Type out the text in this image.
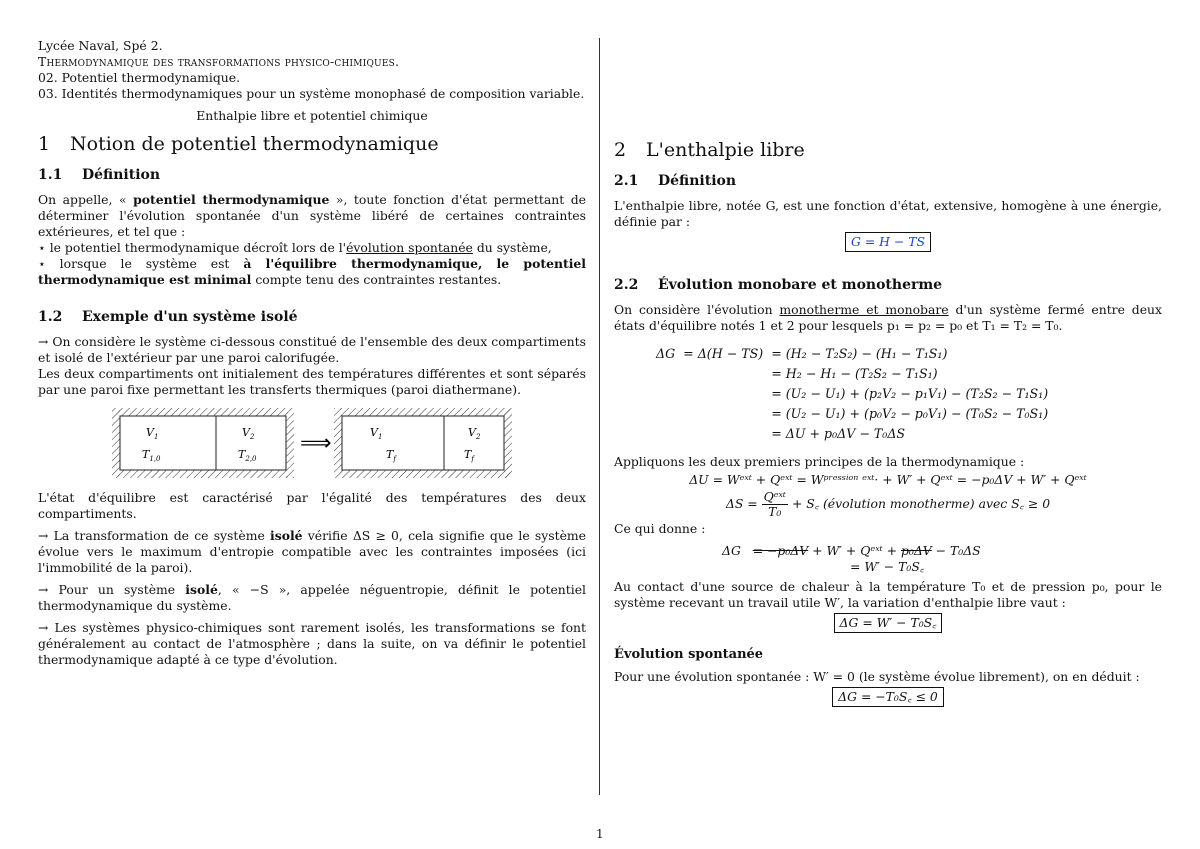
Lycée Naval, Spé 2.

Thermodynamique des transformations physico-chimiques.

02. Potentiel thermodynamique.

03. Identités thermodynamiques pour un système monophasé de composition variable.

Enthalpie libre et potentiel chimique

1 Notion de potentiel thermodynamique
1.1 Définition

On appelle, « potentiel thermodynamique », toute fonction d'état permettant de déterminer l'évolution spontanée d'un système libéré de certaines contraintes extérieures, et tel que :

⋆ le potentiel thermodynamique décroît lors de l'évolution spontanée du système,

⋆ lorsque le système est à l'équilibre thermodynamique, le potentiel thermodynamique est minimal compte tenu des contraintes restantes.

1.2 Exemple d'un système isolé

→ On considère le système ci-dessous constitué de l'ensemble des deux compartiments et isolé de l'extérieur par une paroi calorifugée.

Les deux compartiments ont initialement des températures différentes et sont séparés par une paroi fixe permettant les transferts thermiques (paroi diathermane).

$V_1$
$T_{1,0}$
$V_2$
$T_{2,0}$
⟹	$V_1$
$T_f$
$V_2$
$T_f$

L'état d'équilibre est caractérisé par l'égalité des températures des deux compartiments.

→ La transformation de ce système isolé vérifie ΔS ≥ 0, cela signifie que le système évolue vers le maximum d'entropie compatible avec les contraintes imposées (ici l'immobilité de la paroi).

→ Pour un système isolé, « −S », appelée néguentropie, définit le potentiel thermodynamique du système.

→ Les systèmes physico-chimiques sont rarement isolés, les transformations se font généralement au contact de l'atmosphère ; dans la suite, on va définir le potentiel thermodynamique adapté à ce type d'évolution.

2 L'enthalpie libre
2.1 Définition

L'enthalpie libre, notée G, est une fonction d'état, extensive, homogène à une énergie, définie par :

G = H − TS
2.2 Évolution monobare et monotherme

On considère l'évolution monotherme et monobare d'un système fermé entre deux états d'équilibre notés 1 et 2 pour lesquels p₁ = p₂ = p₀ et T₁ = T₂ = T₀.

ΔG	= Δ(H − TS)	= (H₂ − T₂S₂) − (H₁ − T₁S₁)
		= H₂ − H₁ − (T₂S₂ − T₁S₁)
		= (U₂ − U₁) + (p₂V₂ − p₁V₁) − (T₂S₂ − T₁S₁)
		= (U₂ − U₁) + (p₀V₂ − p₀V₁) − (T₀S₂ − T₀S₁)
		= ΔU + p₀ΔV − T₀ΔS

Appliquons les deux premiers principes de la thermodynamique :

ΔU = Wᵉˣᵗ + Qᵉˣᵗ = Wᵖʳᵉˢˢⁱᵒⁿ ᵉˣᵗ· + W′ + Qᵉˣᵗ = −p₀ΔV + W′ + Qᵉˣᵗ
ΔS = Qᵉˣᵗ
T₀
+ S꜀ (évolution monotherme) avec S꜀ ≥ 0

Ce qui donne :

ΔG = −p₀ΔV + W′ + Qᵉˣᵗ + p₀ΔV − T₀ΔS
= W′ − T₀S꜀

Au contact d'une source de chaleur à la température T₀ et de pression p₀, pour le système recevant un travail utile W′, la variation d'enthalpie libre vaut :

ΔG = W′ − T₀S꜀
Évolution spontanée

Pour une évolution spontanée : W′ = 0 (le système évolue librement), on en déduit :

ΔG = −T₀S꜀ ≤ 0
1
